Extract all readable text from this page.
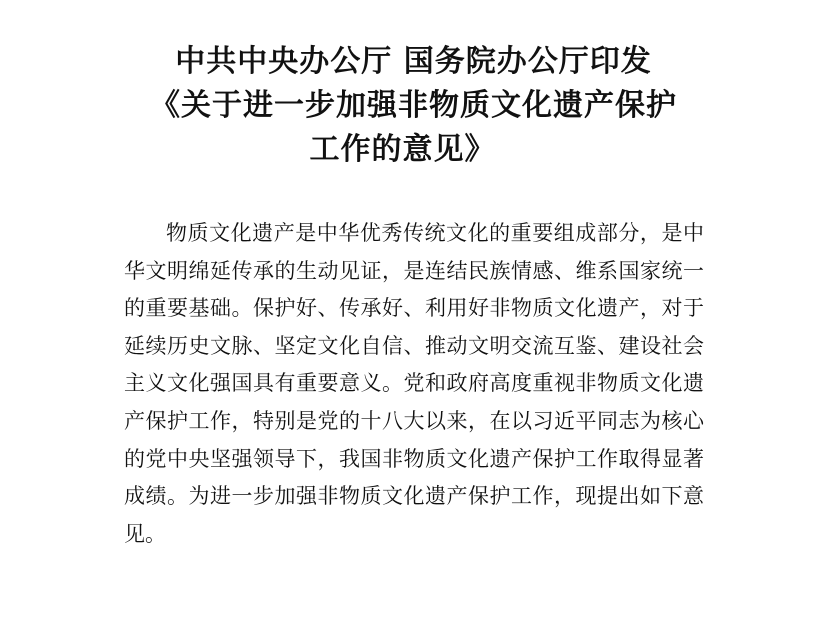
中共中央办公厅 国务院办公厅印发
《关于进一步加强非物质文化遗产保护
工作的意见》
物质文化遗产是中华优秀传统文化的重要组成部分，是中
华文明绵延传承的生动见证，是连结民族情感、维系国家统一
的重要基础。保护好、传承好、利用好非物质文化遗产，对于
延续历史文脉、坚定文化自信、推动文明交流互鉴、建设社会
主义文化强国具有重要意义。党和政府高度重视非物质文化遗
产保护工作，特别是党的十八大以来，在以习近平同志为核心
的党中央坚强领导下，我国非物质文化遗产保护工作取得显著
成绩。为进一步加强非物质文化遗产保护工作，现提出如下意
见。
